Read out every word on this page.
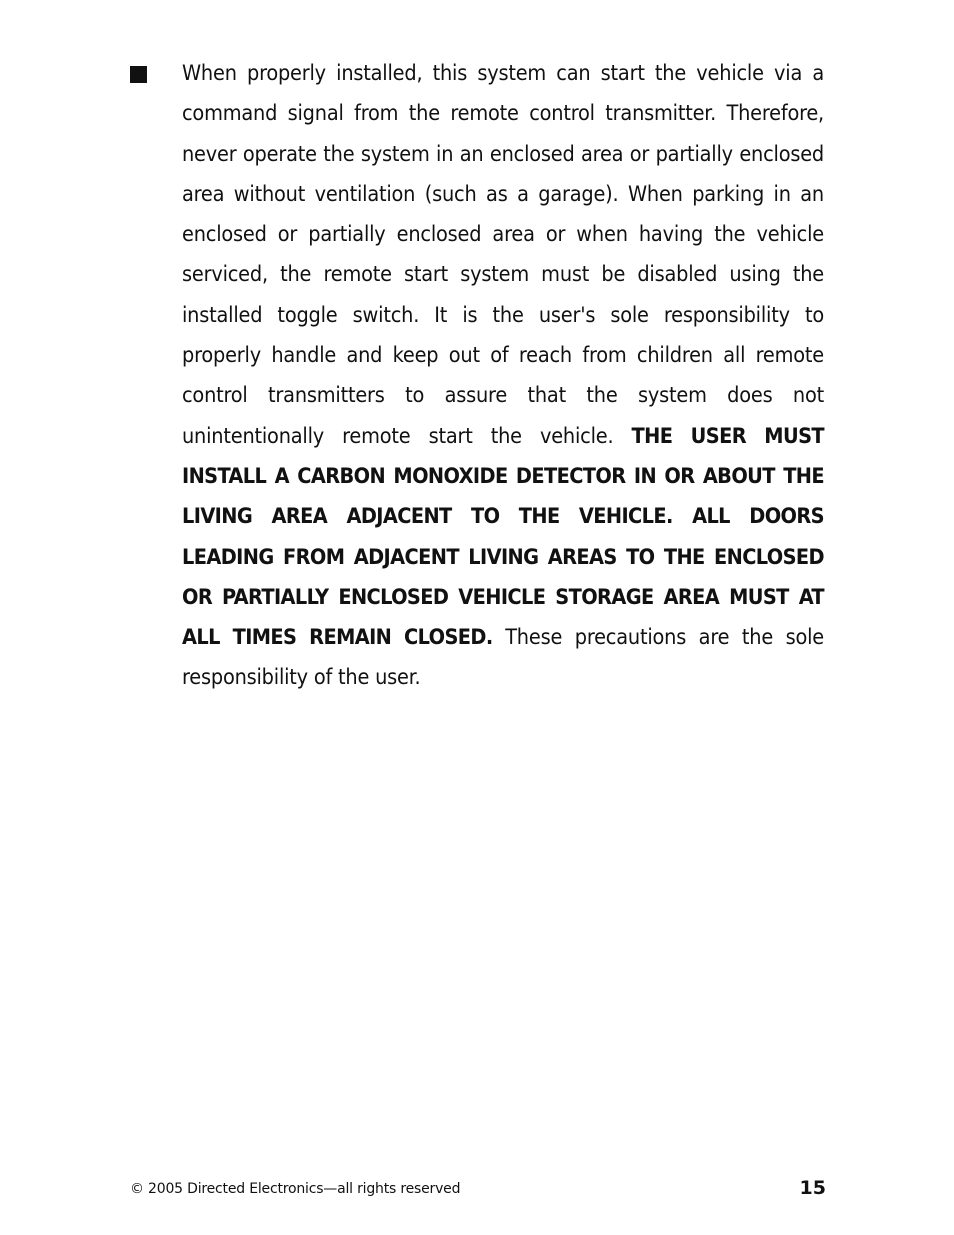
When properly installed, this system can start the vehicle via a command signal from the remote control transmitter. Therefore, never operate the system in an enclosed area or partially enclosed area without ventilation (such as a garage). When parking in an enclosed or partially enclosed area or when having the vehicle serviced, the remote start system must be disabled using the installed toggle switch. It is the user's sole responsibility to properly handle and keep out of reach from children all remote control transmitters to assure that the system does not unintentionally remote start the vehicle. THE USER MUST INSTALL A CARBON MONOXIDE DETECTOR IN OR ABOUT THE LIVING AREA ADJACENT TO THE VEHICLE. ALL DOORS LEADING FROM ADJACENT LIVING AREAS TO THE ENCLOSED OR PARTIALLY ENCLOSED VEHICLE STORAGE AREA MUST AT ALL TIMES REMAIN CLOSED. These precautions are the sole responsibility of the user.

© 2005 Directed Electronics—all rights reserved	15
